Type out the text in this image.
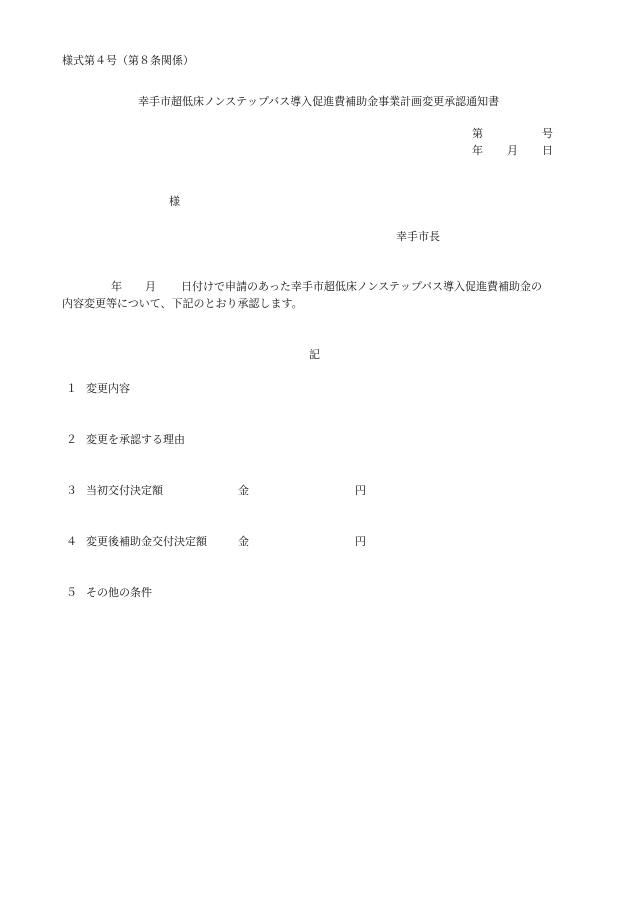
様式第４号（第８条関係）
幸手市超低床ノンステップバス導入促進費補助金事業計画変更承認通知書
第	号
年 月 日
様
幸手市長
年 月 日付けで申請のあった幸手市超低床ノンステップバス導入促進費補助金の
内容変更等について、下記のとおり承認します。
記
１ 変更内容
２ 変更を承認する理由
３ 当初交付決定額	金	円
４ 変更後補助金交付決定額	金	円
５ その他の条件
